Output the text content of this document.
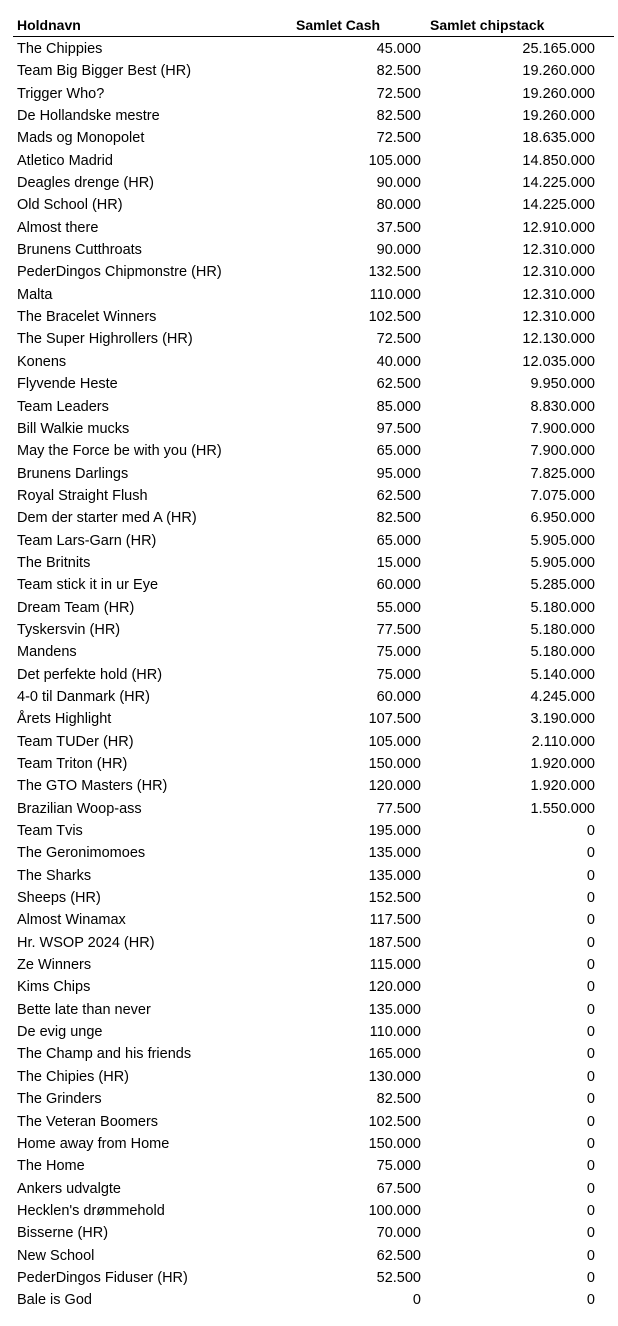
Holdnavn	Samlet Cash	Samlet chipstack
The Chippies	45.000	25.165.000
Team Big Bigger Best (HR)	82.500	19.260.000
Trigger Who?	72.500	19.260.000
De Hollandske mestre	82.500	19.260.000
Mads og Monopolet	72.500	18.635.000
Atletico Madrid	105.000	14.850.000
Deagles drenge (HR)	90.000	14.225.000
Old School (HR)	80.000	14.225.000
Almost there	37.500	12.910.000
Brunens Cutthroats	90.000	12.310.000
PederDingos Chipmonstre (HR)	132.500	12.310.000
Malta	110.000	12.310.000
The Bracelet Winners	102.500	12.310.000
The Super Highrollers (HR)	72.500	12.130.000
Konens	40.000	12.035.000
Flyvende Heste	62.500	9.950.000
Team Leaders	85.000	8.830.000
Bill Walkie mucks	97.500	7.900.000
May the Force be with you (HR)	65.000	7.900.000
Brunens Darlings	95.000	7.825.000
Royal Straight Flush	62.500	7.075.000
Dem der starter med A (HR)	82.500	6.950.000
Team Lars-Garn (HR)	65.000	5.905.000
The Britnits	15.000	5.905.000
Team stick it in ur Eye	60.000	5.285.000
Dream Team (HR)	55.000	5.180.000
Tyskersvin (HR)	77.500	5.180.000
Mandens	75.000	5.180.000
Det perfekte hold (HR)	75.000	5.140.000
4-0 til Danmark (HR)	60.000	4.245.000
Årets Highlight	107.500	3.190.000
Team TUDer (HR)	105.000	2.110.000
Team Triton (HR)	150.000	1.920.000
The GTO Masters (HR)	120.000	1.920.000
Brazilian Woop-ass	77.500	1.550.000
Team Tvis	195.000	0
The Geronimomoes	135.000	0
The Sharks	135.000	0
Sheeps (HR)	152.500	0
Almost Winamax	117.500	0
Hr. WSOP 2024 (HR)	187.500	0
Ze Winners	115.000	0
Kims Chips	120.000	0
Bette late than never	135.000	0
De evig unge	110.000	0
The Champ and his friends	165.000	0
The Chipies (HR)	130.000	0
The Grinders	82.500	0
The Veteran Boomers	102.500	0
Home away from Home	150.000	0
The Home	75.000	0
Ankers udvalgte	67.500	0
Hecklen's drømmehold	100.000	0
Bisserne (HR)	70.000	0
New School	62.500	0
PederDingos Fiduser (HR)	52.500	0
Bale is God	0	0
